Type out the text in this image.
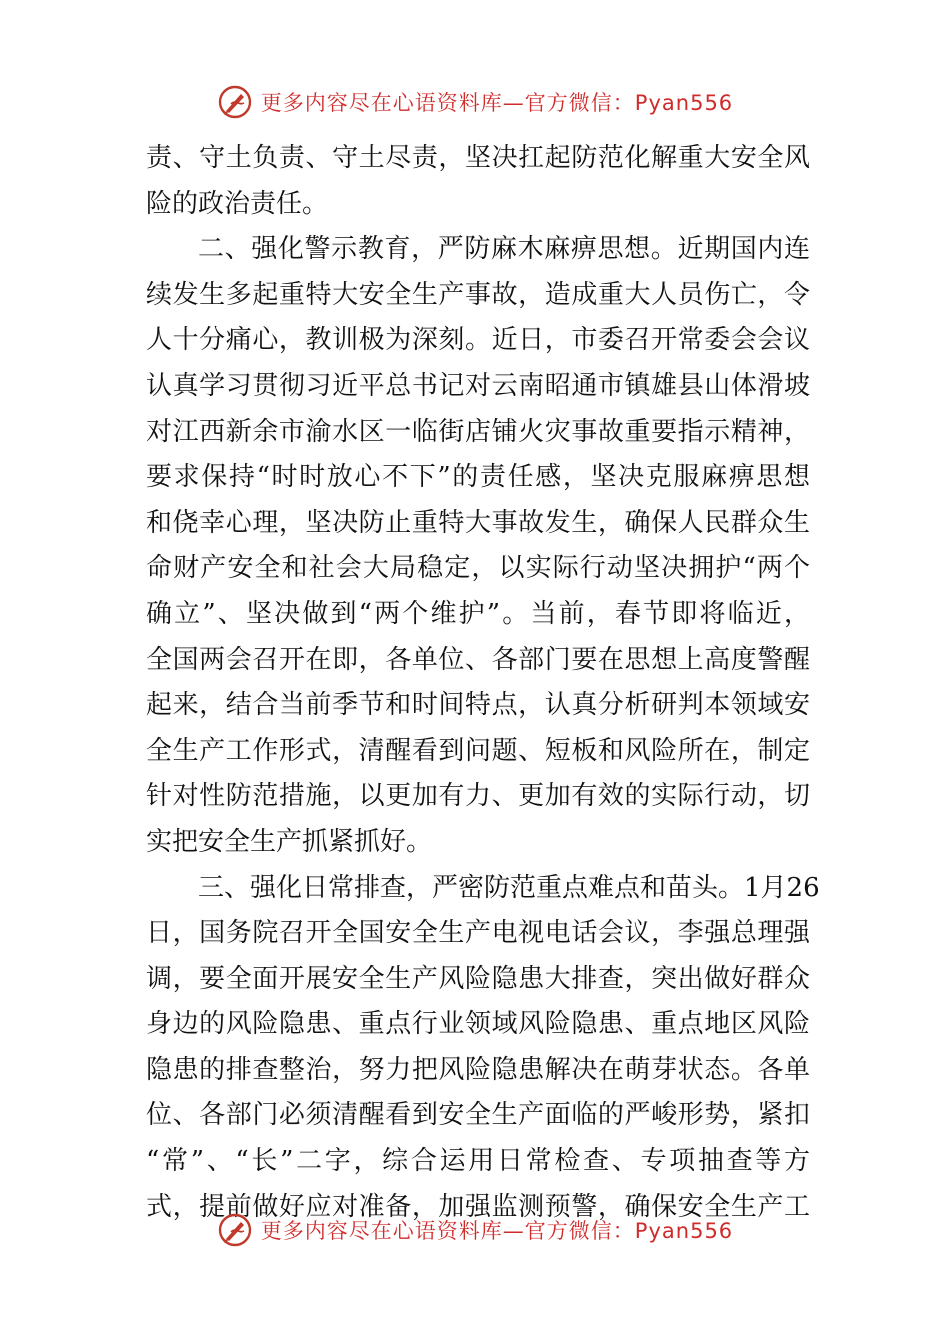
更多内容尽在心语资料库—官方微信：Pyan556
责、守土负责、守土尽责，坚决扛起防范化解重大安全风
险的政治责任。
二、强化警示教育，严防麻木麻痹思想。近期国内连
续发生多起重特大安全生产事故，造成重大人员伤亡，令
人十分痛心，教训极为深刻。近日，市委召开常委会会议
认真学习贯彻习近平总书记对云南昭通市镇雄县山体滑坡
对江西新余市渝水区一临街店铺火灾事故重要指示精神，
要求保持“时时放心不下”的责任感，坚决克服麻痹思想
和侥幸心理，坚决防止重特大事故发生，确保人民群众生
命财产安全和社会大局稳定，以实际行动坚决拥护“两个
确立”、坚决做到“两个维护”。当前，春节即将临近，
全国两会召开在即，各单位、各部门要在思想上高度警醒
起来，结合当前季节和时间特点，认真分析研判本领域安
全生产工作形式，清醒看到问题、短板和风险所在，制定
针对性防范措施，以更加有力、更加有效的实际行动，切
实把安全生产抓紧抓好。
三、强化日常排查，严密防范重点难点和苗头。1月26
日，国务院召开全国安全生产电视电话会议，李强总理强
调，要全面开展安全生产风险隐患大排查，突出做好群众
身边的风险隐患、重点行业领域风险隐患、重点地区风险
隐患的排查整治，努力把风险隐患解决在萌芽状态。各单
位、各部门必须清醒看到安全生产面临的严峻形势，紧扣
“常”、“长”二字，综合运用日常检查、专项抽查等方
式，提前做好应对准备，加强监测预警，确保安全生产工
更多内容尽在心语资料库—官方微信：Pyan556
